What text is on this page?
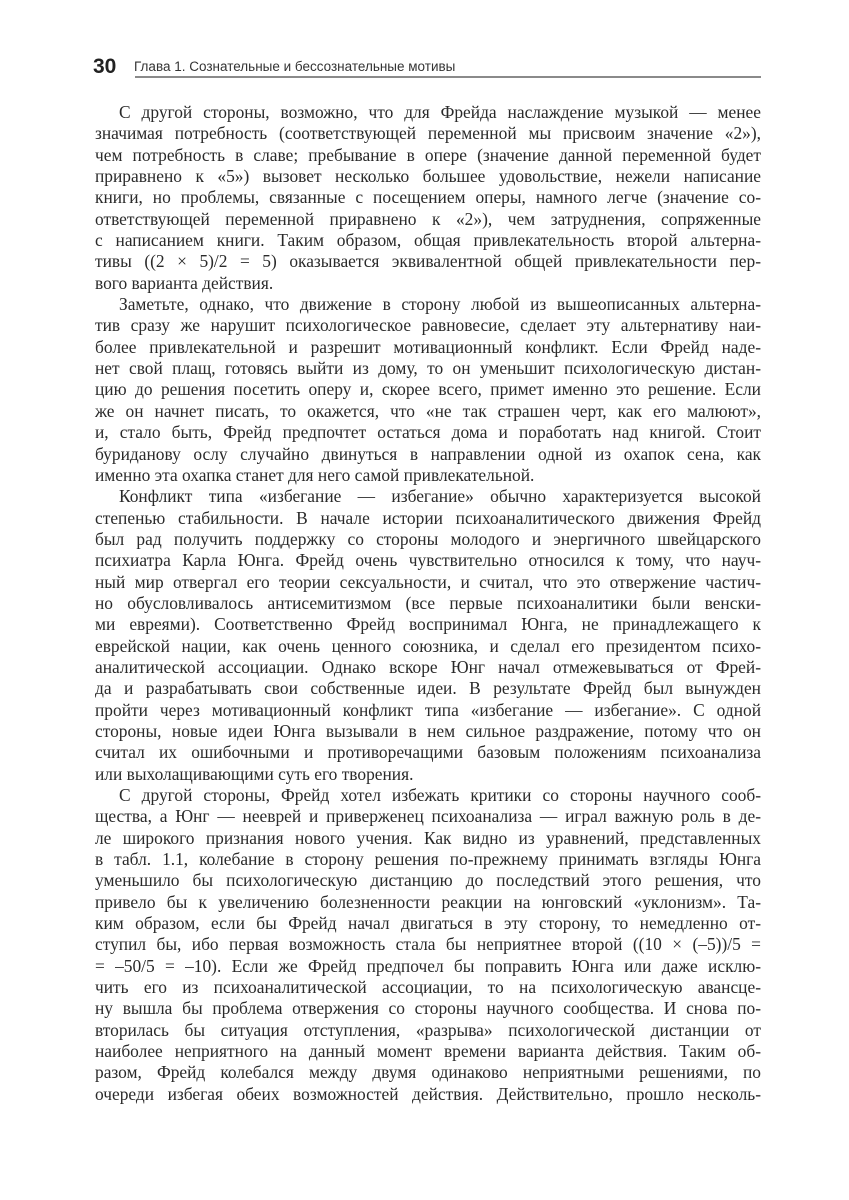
30	Глава 1. Сознательные и бессознательные мотивы

С другой стороны, возможно, что для Фрейда наслаждение музыкой — менее
значимая потребность (соответствующей переменной мы присвоим значение «2»),
чем потребность в славе; пребывание в опере (значение данной переменной будет
приравнено к «5») вызовет несколько большее удовольствие, нежели написание
книги, но проблемы, связанные с посещением оперы, намного легче (значение со-
ответствующей переменной приравнено к «2»), чем затруднения, сопряженные
с написанием книги. Таким образом, общая привлекательность второй альтерна-
тивы ((2 × 5)/2 = 5) оказывается эквивалентной общей привлекательности пер-
вого варианта действия.

Заметьте, однако, что движение в сторону любой из вышеописанных альтерна-
тив сразу же нарушит психологическое равновесие, сделает эту альтернативу наи-
более привлекательной и разрешит мотивационный конфликт. Если Фрейд наде-
нет свой плащ, готовясь выйти из дому, то он уменьшит психологическую дистан-
цию до решения посетить оперу и, скорее всего, примет именно это решение. Если
же он начнет писать, то окажется, что «не так страшен черт, как его малюют»,
и, стало быть, Фрейд предпочтет остаться дома и поработать над книгой. Стоит
буриданову ослу случайно двинуться в направлении одной из охапок сена, как
именно эта охапка станет для него самой привлекательной.

Конфликт типа «избегание — избегание» обычно характеризуется высокой
степенью стабильности. В начале истории психоаналитического движения Фрейд
был рад получить поддержку со стороны молодого и энергичного швейцарского
психиатра Карла Юнга. Фрейд очень чувствительно относился к тому, что науч-
ный мир отвергал его теории сексуальности, и считал, что это отвержение частич-
но обусловливалось антисемитизмом (все первые психоаналитики были венски-
ми евреями). Соответственно Фрейд воспринимал Юнга, не принадлежащего к
еврейской нации, как очень ценного союзника, и сделал его президентом психо-
аналитической ассоциации. Однако вскоре Юнг начал отмежевываться от Фрей-
да и разрабатывать свои собственные идеи. В результате Фрейд был вынужден
пройти через мотивационный конфликт типа «избегание — избегание». С одной
стороны, новые идеи Юнга вызывали в нем сильное раздражение, потому что он
считал их ошибочными и противоречащими базовым положениям психоанализа
или выхолащивающими суть его творения.

С другой стороны, Фрейд хотел избежать критики со стороны научного сооб-
щества, а Юнг — нееврей и приверженец психоанализа — играл важную роль в де-
ле широкого признания нового учения. Как видно из уравнений, представленных
в табл. 1.1, колебание в сторону решения по-прежнему принимать взгляды Юнга
уменьшило бы психологическую дистанцию до последствий этого решения, что
привело бы к увеличению болезненности реакции на юнговский «уклонизм». Та-
ким образом, если бы Фрейд начал двигаться в эту сторону, то немедленно от-
ступил бы, ибо первая возможность стала бы неприятнее второй ((10 × (–5))/5 =
= –50/5 = –10). Если же Фрейд предпочел бы поправить Юнга или даже исклю-
чить его из психоаналитической ассоциации, то на психологическую авансце-
ну вышла бы проблема отвержения со стороны научного сообщества. И снова по-
вторилась бы ситуация отступления, «разрыва» психологической дистанции от
наиболее неприятного на данный момент времени варианта действия. Таким об-
разом, Фрейд колебался между двумя одинаково неприятными решениями, по
очереди избегая обеих возможностей действия. Действительно, прошло несколь-
